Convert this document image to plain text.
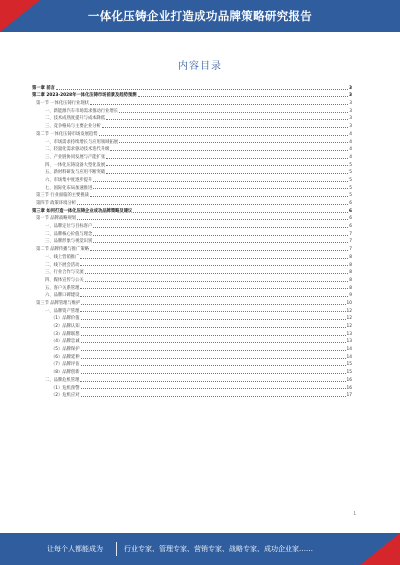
一体化压铸企业打造成功品牌策略研究报告
内容目录
第一章 前言	3
第二章 2023-2028年一体化压铸市场前景及趋势预测	3
第一节 一体化压铸行业现状	3
一、新能源汽车市场需求推动行业增长	3
二、技术成熟度提升与成本降低	3
三、竞争格局与主要企业分析	3
第二节 一体化压铸市场发展趋势	4
一、市场需求持续增长与应用领域拓展	4
二、轻量化需求驱动技术迭代升级	4
三、产业链协同发展与产能扩张	4
四、一体化压铸设备大型化发展	5
五、新材料研发与应用不断突破	5
六、市场集中度逐步提升	5
七、国际化布局加速推进	5
第三节 行业面临的主要挑战	5
第四节 政策环境分析	6
第三章 如何打造一体化压铸企业成功品牌策略及建议	6
第一节 品牌战略规划	6
一、品牌定位与目标客户	6
二、品牌核心价值与理念	7
三、品牌形象与视觉识别	7
第二节 品牌传播与推广策略	7
一、线上营销推广	8
二、线下展会活动	8
三、行业合作与交流	8
四、媒体宣传与公关	8
五、客户关系管理	8
六、品牌口碑建设	9
第三节 品牌管理与维护	10
一、品牌资产管理	12
（1）品牌价值	12
（2）品牌认知	12
（3）品牌联想	13
（4）品牌忠诚	13
（5）品牌保护	14
（6）品牌延伸	14
（7）品牌评估	15
（8）品牌创新	15
二、品牌危机管理	16
（1）危机预警	16
（2）危机应对	17
1
让每个人都能成为	行业专家、管理专家、营销专家、战略专家、成功企业家……
